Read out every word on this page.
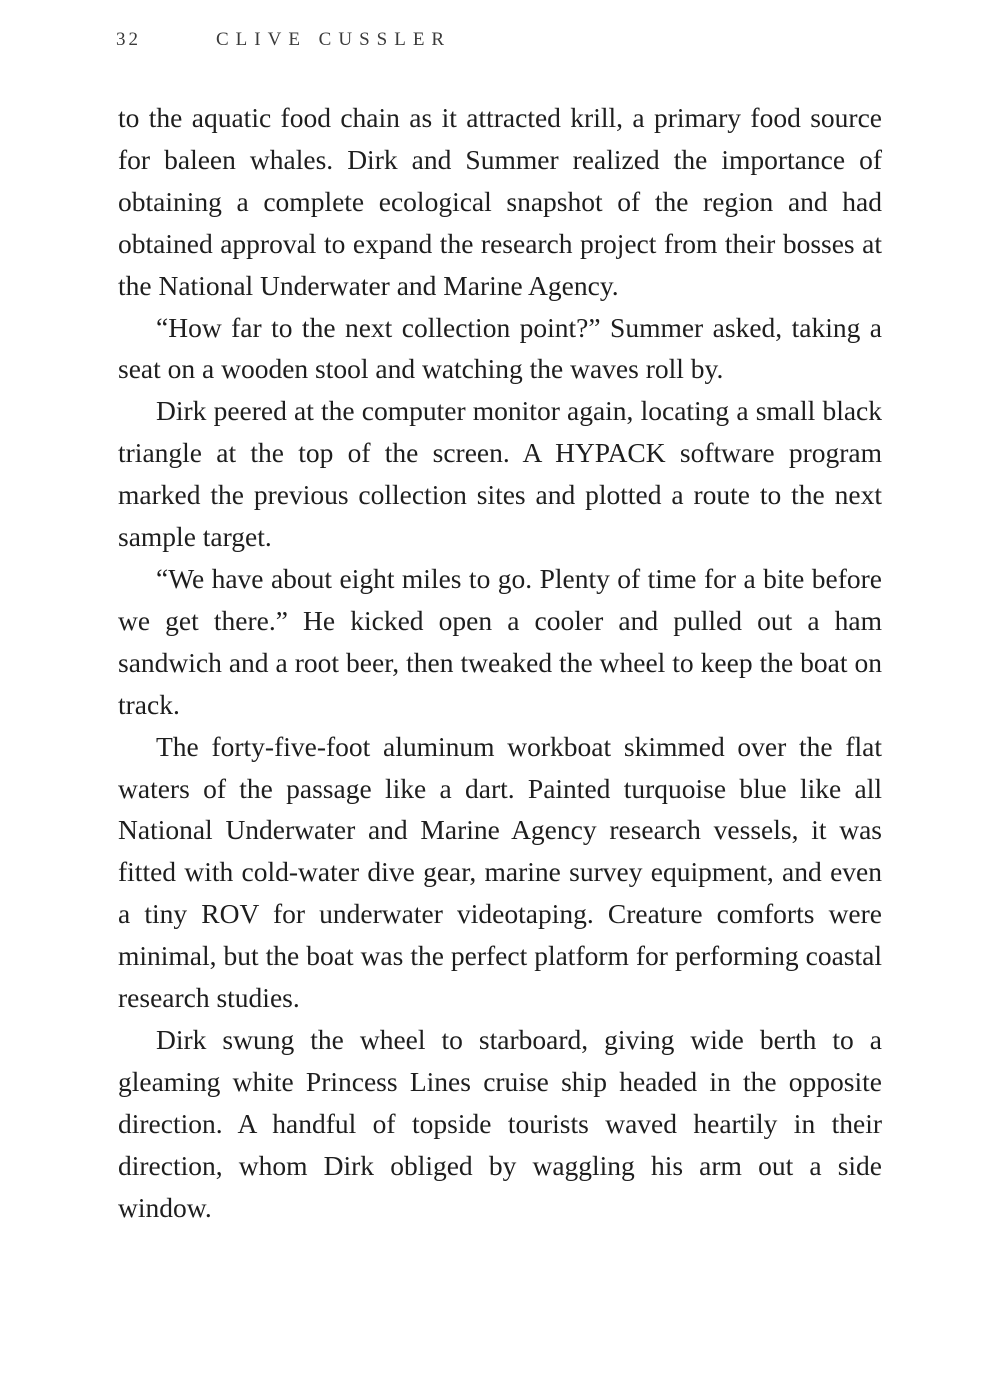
32	CLIVE CUSSLER

to the aquatic food chain as it attracted krill, a primary food source for baleen whales. Dirk and Summer realized the importance of obtaining a complete ecological snapshot of the region and had obtained approval to expand the research project from their bosses at the National Underwater and Marine Agency.

“How far to the next collection point?” Summer asked, taking a seat on a wooden stool and watching the waves roll by.

Dirk peered at the computer monitor again, locating a small black triangle at the top of the screen. A HYPACK software program marked the previous collection sites and plotted a route to the next sample target.

“We have about eight miles to go. Plenty of time for a bite before we get there.” He kicked open a cooler and pulled out a ham sandwich and a root beer, then tweaked the wheel to keep the boat on track.

The forty-five-foot aluminum workboat skimmed over the flat waters of the passage like a dart. Painted turquoise blue like all National Underwater and Marine Agency research vessels, it was fitted with cold-water dive gear, marine survey equipment, and even a tiny ROV for underwater videotaping. Creature comforts were minimal, but the boat was the perfect platform for performing coastal research studies.

Dirk swung the wheel to starboard, giving wide berth to a gleaming white Princess Lines cruise ship headed in the opposite direction. A handful of topside tourists waved heartily in their direction, whom Dirk obliged by waggling his arm out a side window.
